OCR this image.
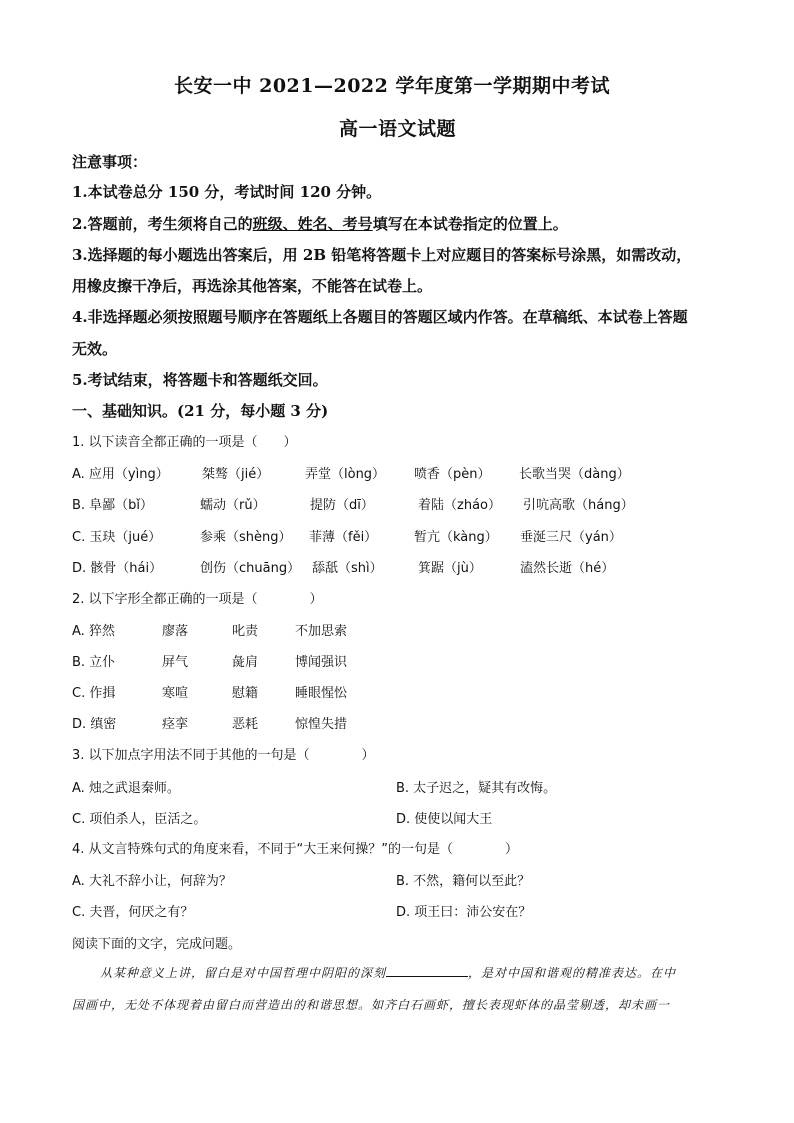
长安一中 2021—2022 学年度第一学期期中考试
高一语文试题
注意事项：
1.本试卷总分 150 分，考试时间 120 分钟。
2.答题前，考生须将自己的班级、姓名、考号填写在本试卷指定的位置上。
3.选择题的每小题选出答案后，用 2B 铅笔将答题卡上对应题目的答案标号涂黑，如需改动，
用橡皮擦干净后，再选涂其他答案，不能答在试卷上。
4.非选择题必须按照题号顺序在答题纸上各题目的答题区域内作答。在草稿纸、本试卷上答题
无效。
5.考试结束，将答题卡和答题纸交回。
一、基础知识。(21 分，每小题 3 分)
1. 以下读音全都正确的一项是（　　）
A. 应用（yìng）	桀骜（jié）	弄堂（lòng） 喷香（pèn） 长歌当哭（dàng）
B. 阜鄙（bǐ）	蠕动（rǔ）	提防（dī）	着陆（zháo） 引吭高歌（háng）
C. 玉玦（jué）	参乘（shèng） 菲薄（fěi）	暂亢（kàng） 垂涎三尺（yán）
D. 骸骨（hái）	创伤（chuāng） 舔舐（shì）	箕踞（jù）	溘然长逝（hé）
2. 以下字形全都正确的一项是（　　　　）
A. 猝然	廖落	叱责	不加思索
B. 立仆	屏气	彘肩	博闻强识
C. 作揖	寒喧	慰籍	睡眼惺忪
D. 缜密	痉挛	恶耗	惊惶失措
3. 以下加点字用法不同于其他的一句是（　　　　）
A. 烛之武退秦师。	B. 太子迟之，疑其有改悔。
C. 项伯杀人，臣活之。	D. 使使以闻大王
4. 从文言特殊句式的角度来看，不同于“大王来何操？”的一句是（　　　　）
A. 大礼不辞小让，何辞为？	B. 不然，籍何以至此？
C. 夫晋，何厌之有？	D. 项王曰：沛公安在？
阅读下面的文字，完成问题。
从某种意义上讲，留白是对中国哲理中阴阳的深刻	，是对中国和谐观的精准表达。在中
国画中，无处不体现着由留白而营造出的和谐思想。如齐白石画虾，擅长表现虾体的晶莹剔透，却未画一
